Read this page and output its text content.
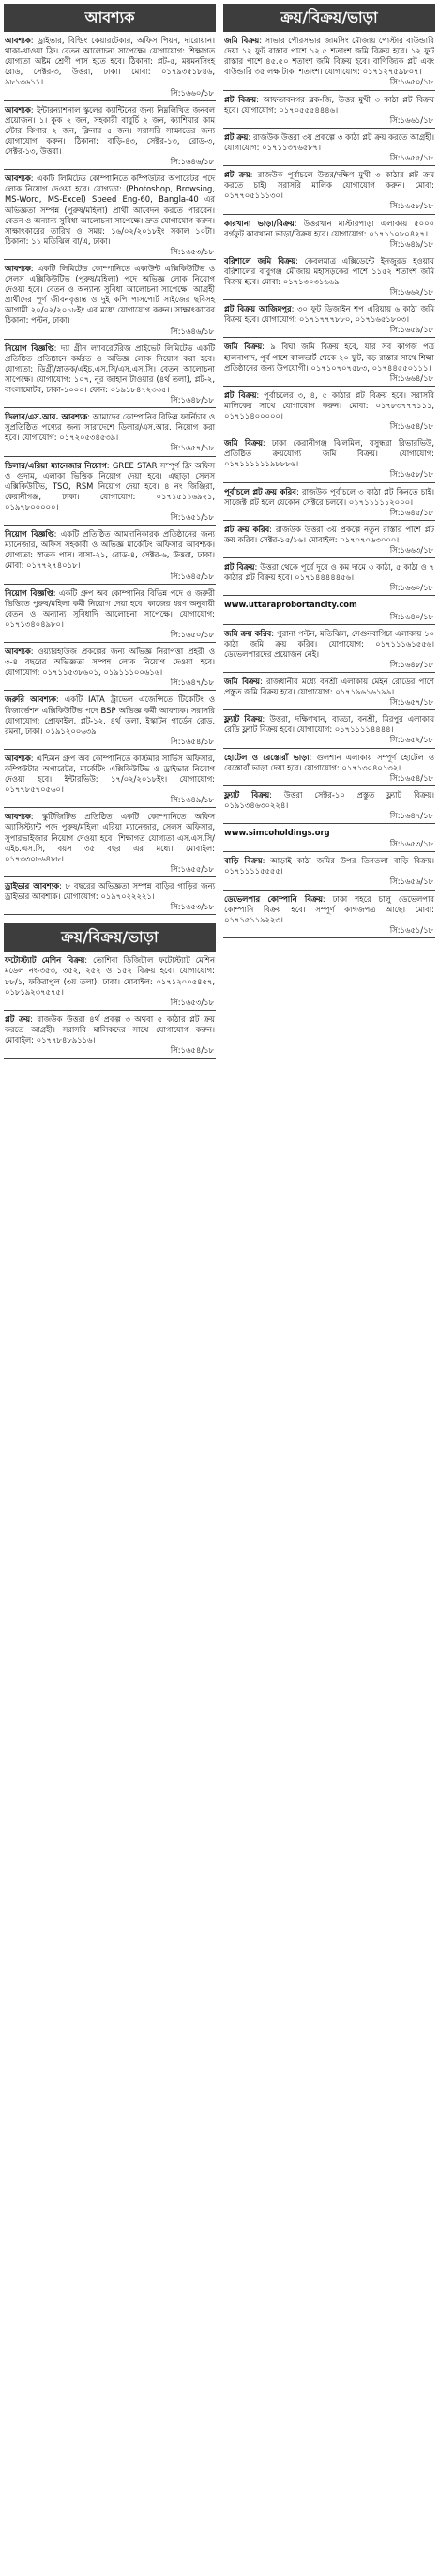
আবশ্যক
আবশ্যক: ড্রাইভার, বিল্ডিং কেয়ারটেকার, অফিস পিয়ন, দারোয়ান। থাকা-খাওয়া ফ্রি। বেতন আলোচনা সাপেক্ষে। যোগাযোগ: শিক্ষাগত যোগ্যতা অষ্টম শ্রেণী পাস হতে হবে। ঠিকানা: প্লট-৫, ময়মনসিংহ রোড, সেক্টর-৩, উত্তরা, ঢাকা। মোবা: ০১৭৯৩৫১৮৪৬, ৯৮১৩৬১১।
সি:১৬৬০/১৮
আবশ্যক: ইন্টারন্যাশনাল স্কুলের ক্যান্টিনের জন্য নিম্নলিখিত জনবল প্রয়োজন। ১। কুক ২ জন, সহকারী বাবুর্চি ২ জন, ক্যাশিয়ার কাম স্টোর কিপার ২ জন, ক্লিনার ৫ জন। সরাসরি সাক্ষাতের জন্য যোগাযোগ করুন। ঠিকানা: বাড়ি-৪৩, সেক্টর-১৩, রোড-৩, সেক্টর-১৩, উত্তরা।
সি:১৬৪৬/১৮
আবশ্যক: একটি লিমিটেড কোম্পানিতে কম্পিউটার অপারেটর পদে লোক নিয়োগ দেওয়া হবে। যোগ্যতা: (Photoshop, Browsing, MS-Word, MS-Excel) Speed Eng-60, Bangla-40 এর অভিজ্ঞতা সম্পন্ন (পুরুষ/মহিলা) প্রার্থী আবেদন করতে পারবেন। বেতন ও অন্যান্য সুবিধা আলোচনা সাপেক্ষে। দ্রুত যোগাযোগ করুন। সাক্ষাৎকারের তারিখ ও সময়: ১৬/০২/২০১৮ইং সকাল ১০টা। ঠিকানা: ১১ মতিঝিল বা/এ, ঢাকা।
সি:১৬৫৩/১৮
আবশ্যক: একটি লিমিটেড কোম্পানিতে একাউন্ট এক্সিকিউটিভ ও সেলস এক্সিকিউটিভ (পুরুষ/মহিলা) পদে অভিজ্ঞ লোক নিয়োগ দেওয়া হবে। বেতন ও অন্যান্য সুবিধা আলোচনা সাপেক্ষে। আগ্রহী প্রার্থীদের পূর্ণ জীবনবৃত্তান্ত ও দুই কপি পাসপোর্ট সাইজের ছবিসহ আগামী ২০/০২/২০১৮ইং এর মধ্যে যোগাযোগ করুন। সাক্ষাৎকারের ঠিকানা: পল্টন, ঢাকা।
সি:১৬৪৬/১৮
নিয়োগ বিজ্ঞপ্তি: দ্যা গ্রীন ল্যাবরেটরিজ প্রাইভেট লিমিটেড একটি প্রতিষ্ঠিত প্রতিষ্ঠানে কর্মরত ও অভিজ্ঞ লোক নিয়োগ করা হবে। যোগ্যতা: ডিগ্রী/স্নাতক/এইচ.এস.সি/এস.এস.সি। বেতন আলোচনা সাপেক্ষে। যোগাযোগ: ১০৭, নূর জাহান টাওয়ার (৪র্থ তলা), প্লট-২, বাংলামোটর, ঢাকা-১০০০। ফোন: ০১৯১৮৪৭২৩৩৫।
সি:১৬৪৮/১৮
ডিলার/এস.আর. আবশ্যক: আমাদের কোম্পানির বিভিন্ন ফার্নিচার ও সুপ্রতিষ্ঠিত পণ্যের জন্য সারাদেশে ডিলার/এস.আর. নিয়োগ করা হবে। যোগাযোগ: ০১৭২০৫৩৪৫৩৯।
সি:১৬৫৭/১৮
ডিলার/এরিয়া ম্যানেজার নিয়োগ: GREE STAR সম্পূর্ণ ফ্রি অফিস ও গুদাম, এলাকা ভিত্তিক নিয়োগ দেয়া হবে। এছাড়া সেলস এক্সিকিউটিভ, TSO, RSM নিয়োগ দেয়া হবে। ৪ নং জিঞ্জিরা, কেরানীগঞ্জ, ঢাকা। যোগাযোগ: ০১৭১৫১১৬৯২১, ০১৯৭৮০০০০০।
সি:১৬৫১/১৮
নিয়োগ বিজ্ঞপ্তি: একটি প্রতিষ্ঠিত আমদানিকারক প্রতিষ্ঠানের জন্য ম্যানেজার, অফিস সহকারী ও অভিজ্ঞ মার্কেটিং অফিসার আবশ্যক। যোগ্যতা: স্নাতক পাস। বাসা-২১, রোড-৪, সেক্টর-৬, উত্তরা, ঢাকা। মোবা: ০১৭৭২৭৪০১৮।
সি:১৬৪৫/১৮
নিয়োগ বিজ্ঞপ্তি: একটি গ্রুপ অব কোম্পানির বিভিন্ন পদে ও জরুরী ভিত্তিতে পুরুষ/মহিলা কর্মী নিয়োগ দেয়া হবে। কাজের ধরণ অনুযায়ী বেতন ও অন্যান্য সুবিধাদি আলোচনা সাপেক্ষে। যোগাযোগ: ০১৭১৩৪০৪৯৮০।
সি:১৬৫০/১৮
আবশ্যক: ওয়্যারহাউজ প্রকল্পের জন্য অভিজ্ঞ নিরাপত্তা প্রহরী ও ৩-৪ বছরের অভিজ্ঞতা সম্পন্ন লোক নিয়োগ দেওয়া হবে। যোগাযোগ: ০১৭১১৫৩৮৬০১, ০১৯১১১০০৬১৬।
সি:১৬৪৭/১৮
জরুরি আবশ্যক: একটি IATA ট্রাভেল এজেন্সিতে টিকেটিং ও রিজার্ভেশন এক্সিকিউটিভ পদে BSP অভিজ্ঞ কর্মী আবশ্যক। সরাসরি যোগাযোগ: প্রোফাইল, প্লট-১২, ৪র্থ তলা, ইস্কাটন গার্ডেন রোড, রমনা, ঢাকা। ০১৯১২০০৬৩৯।
সি:১৬৫৪/১৮
আবশ্যক: এন্টিমন গ্রুপ অব কোম্পানিতে কাস্টমার সার্ভিস অফিসার, কম্পিউটার অপারেটর, মার্কেটিং এক্সিকিউটিভ ও ড্রাইভার নিয়োগ দেওয়া হবে। ইন্টারভিউ: ১৭/০২/২০১৮ইং। যোগাযোগ: ০১৭৭৮৫৭০৫৬০।
সি:১৬৪৯/১৮
আবশ্যক: স্কুটিজিটিভ প্রতিষ্ঠিত একটি কোম্পানিতে অফিস অ্যাসিস্ট্যান্ট পদে পুরুষ/মহিলা এরিয়া ম্যানেজার, সেলস অফিসার, সুপারভাইজার নিয়োগ দেওয়া হবে। শিক্ষাগত যোগ্যতা এস.এস.সি/এইচ.এস.সি, বয়স ৩৫ বছর এর মধ্যে। মোবাইল: ০১৭৩৩০৮৬৪৮৮।
সি:১৬৫৫/১৮
ড্রাইভার আবশ্যক: ৮ বছরের অভিজ্ঞতা সম্পন্ন বাড়ির গাড়ির জন্য ড্রাইভার আবশ্যক। যোগাযোগ: ০১৯৭০২২২২১।
সি:১৬৫৩/১৮
ক্রয়/বিক্রয়/ভাড়া
ফটোস্ট্যাট মেশিন বিক্রয়: তোশিবা ডিজিটাল ফটোস্ট্যাট মেশিন মডেল নং-৩৫৩, ৩৫২, ২৫২ ও ১৫২ বিক্রয় হবে। যোগাযোগ: ৮৮/১, ফকিরাপুল (৩য় তলা), ঢাকা। মোবাইল: ০১৭১২০০৫৪৫৭, ০১৮১৯২৩৭৫৭৫।
সি:১৬৫৩/১৮
প্লট ক্রয়: রাজউক উত্তরা ৪র্থ প্রকল্প ৩ অথবা ৫ কাঠার প্লট ক্রয় করতে আগ্রহী। সরাসরি মালিকদের সাথে যোগাযোগ করুন। মোবাইল: ০১৭৭৮৪৮৯১১৬।
সি:১৬৫৪/১৮
ক্রয়/বিক্রয়/ভাড়া
জমি বিক্রয়: সাভার পৌরসভার জামসিং মৌজায় পোস্টার বাউন্ডারি দেয়া ১২ ফুট রাস্তার পাশে ১২.৫ শতাংশ জমি বিক্রয় হবে। ১২ ফুট রাস্তার পাশে ৪৫.৫০ শতাংশ জমি বিক্রয় হবে। বাণিজ্যিক প্লট এবং বাউন্ডারি ৩৫ লক্ষ টাকা শতাংশ। যোগাযোগ: ০১৭১২৭৫৯৮০৭।
সি:১৬৫০/১৮
প্লট বিক্রয়: আফতাবনগর ব্লক-জি, উত্তর মুখী ৩ কাঠা প্লট বিক্রয় হবে। যোগাযোগ: ০১৭০৫৫৫৪৪৪৬।
সি:১৬৬১/১৮
প্লট ক্রয়: রাজউক উত্তরা ৩য় প্রকল্পে ৩ কাঠা প্লট ক্রয় করতে আগ্রহী। যোগাযোগ: ০১৭১১৩৭৬৫৮৭।
সি:১৬৫৫/১৮
প্লট ক্রয়: রাজউক পূর্বাচলে উত্তর/দক্ষিণ মুখী ৩ কাঠার প্লট ক্রয় করতে চাই। সরাসরি মালিক যোগাযোগ করুন। মোবা: ০১৭৭০৫১১১৩০।
সি:১৬৫৮/১৮
কারখানা ভাড়া/বিক্রয়: উত্তরখান মাস্টারপাড়া এলাকায় ৫০০০ বর্গফুট কারখানা ভাড়া/বিক্রয় হবে। যোগাযোগ: ০১৭১১০৮০৪২৭।
সি:১৬৪৯/১৮
বরিশালে জমি বিক্রয়: কেবলমাত্র এক্সিডেন্টে ইনজুরড হওয়ায় বরিশালের বাবুগঞ্জ মৌজায় মহাসড়কের পাশে ১১৫২ শতাংশ জমি বিক্রয় হবে। মোবা: ০১৭১৩০৩১৬৬৯।
সি:১৬৬২/১৮
প্লট বিক্রয় আজিমপুর: ৩০ ফুট ডিজাইন শপ এরিয়ায় ৬ কাঠা জমি বিক্রয় হবে। যোগাযোগ: ০১৭১৭৭৭৮৮০, ০১৭১৬৫১৮০৩।
সি:১৬৫৯/১৮
জমি বিক্রয়: ৯ বিঘা জমি বিক্রয় হবে, যার সব কাগজ পত্র হালনাগাদ, পূর্ব পাশে কালভার্ট থেকে ২০ ফুট, বড় রাস্তার সাথে শিক্ষা প্রতিষ্ঠানের জন্য উপযোগী। ০১৭১০৭০৭৫৮৩, ০১৭৪৪৫৫০১১১।
সি:১৬৬৪/১৮
প্লট বিক্রয়: পূর্বাচলের ৩, ৪, ৫ কাঠার প্লট বিক্রয় হবে। সরাসরি মালিকের সাথে যোগাযোগ করুন। মোবা: ০১৭৮৩৭৭৭১১১, ০১৭১১৪০০০০০।
সি:১৬৫৪/১৮
জমি বিক্রয়: ঢাকা কেরানীগঞ্জ ঝিলমিল, বসুন্ধরা রিভারভিউ, প্রতিষ্ঠিত ক্রয়যোগ্য জমি বিক্রয়। যোগাযোগ: ০১৭১১১১১১৯৮৮৮৬।
সি:১৬৫৮/১৮
পূর্বাচলে প্লট ক্রয় করিব: রাজউক পূর্বাচলে ৩ কাঠা প্লট কিনতে চাই। সাজেক্ট প্লট হলে যেকোন সেক্টরে চলবে। ০১৭১১১১১২০০০।
সি:১৬৪৫/১৮
প্লট ক্রয় করিব: রাজউক উত্তরা ৩য় প্রকল্পে নতুন রাস্তার পাশে প্লট ক্রয় করিব। সেক্টর-১৫/১৬। মোবাইল: ০১৭০৭০৬৩০০০।
সি:১৬৬৩/১৮
প্লট বিক্রয়: উত্তরা থেকে পূর্বে দূরে ও কম দামে ৩ কাঠা, ৫ কাঠা ও ৭ কাঠার প্লট বিক্রয় হবে। ০১৭১৪৪৪৪৪৫৬।
সি:১৬৬০/১৮
www.uttaraprobortancity.com
সি:১৬৪০/১৮
জমি ক্রয় করিব: পুরানা পল্টন, মতিঝিল, সেগুনবাগিচা এলাকায় ১০ কাঠা জমি ক্রয় করিব। যোগাযোগ: ০১৭১১১৬১৫৫৬। ডেভেলপারদের প্রয়োজন নেই।
সি:১৬৪৮/১৮
জমি বিক্রয়: রাজধানীর মধ্যে বনশ্রী এলাকায় মেইন রোডের পাশে প্রস্তুত জমি বিক্রয় হবে। যোগাযোগ: ০১৭১৯৬১৬১৯৯।
সি:১৬৫৭/১৮
ফ্ল্যাট বিক্রয়: উত্তরা, দক্ষিণখান, বাড্ডা, বনশ্রী, মিরপুর এলাকায় রেডি ফ্ল্যাট বিক্রয় হবে। যোগাযোগ: ০১৭১১১১৪৪৪৪।
সি:১৬৫২/১৮
হোটেল ও রেস্তোরাঁ ভাড়া: গুলশান এলাকায় সম্পূর্ণ হোটেল ও রেস্তোরাঁ ভাড়া দেয়া হবে। যোগাযোগ: ০১৭১৩০৪০১৩২।
সি:১৬৫৪/১৮
ফ্ল্যাট বিক্রয়: উত্তরা সেক্টর-১০ প্রস্তুত ফ্ল্যাট বিক্রয়। ০১৯১৩৪৬৩০২২৪।
সি:১৬৪৭/১৮
www.simcoholdings.org
সি:১৬৫৩/১৮
বাড়ি বিক্রয়: আড়াই কাঠা জমির উপর তিনতলা বাড়ি বিক্রয়। ০১৭১১১১৫৫৫৫।
সি:১৬৫৬/১৮
ডেভেলপার কোম্পানি বিক্রয়: ঢাকা শহরে চালু ডেভেলপার কোম্পানি বিক্রয় হবে। সম্পূর্ণ কাগজপত্র আছে। মোবা: ০১৭১৫১১৯২২৩।
সি:১৬৫১/১৮
